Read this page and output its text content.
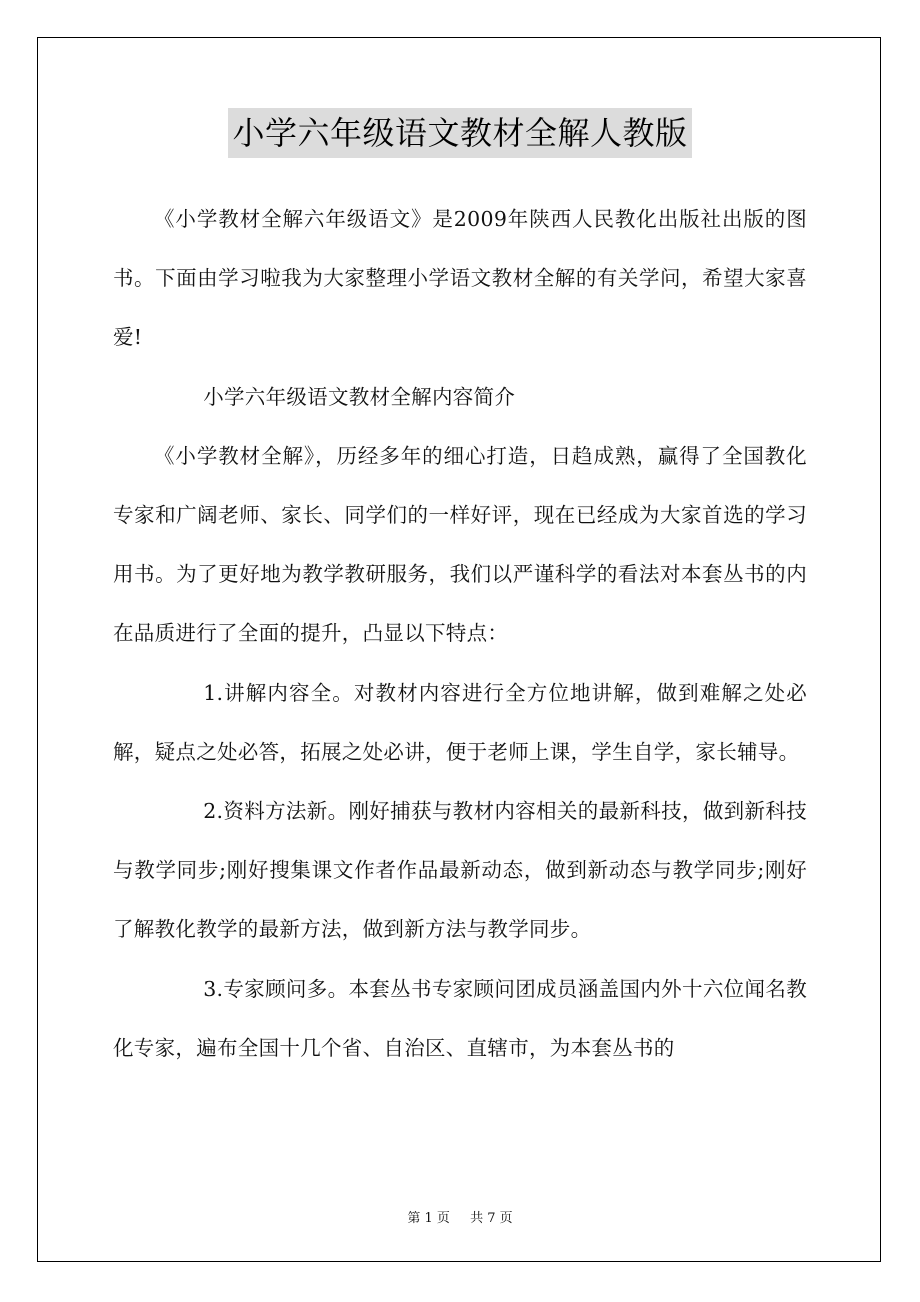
小学六年级语文教材全解人教版

《小学教材全解六年级语文》是2009年陕西人民教化出版社出版的图书。下面由学习啦我为大家整理小学语文教材全解的有关学问，希望大家喜爱!

小学六年级语文教材全解内容简介

《小学教材全解》，历经多年的细心打造，日趋成熟，赢得了全国教化专家和广阔老师、家长、同学们的一样好评，现在已经成为大家首选的学习用书。为了更好地为教学教研服务，我们以严谨科学的看法对本套丛书的内在品质进行了全面的提升，凸显以下特点：

1.讲解内容全。对教材内容进行全方位地讲解，做到难解之处必解，疑点之处必答，拓展之处必讲，便于老师上课，学生自学，家长辅导。

2.资料方法新。刚好捕获与教材内容相关的最新科技，做到新科技与教学同步;刚好搜集课文作者作品最新动态，做到新动态与教学同步;刚好了解教化教学的最新方法，做到新方法与教学同步。

3.专家顾问多。本套丛书专家顾问团成员涵盖国内外十六位闻名教化专家，遍布全国十几个省、自治区、直辖市，为本套丛书的

第 1 页 共 7 页
